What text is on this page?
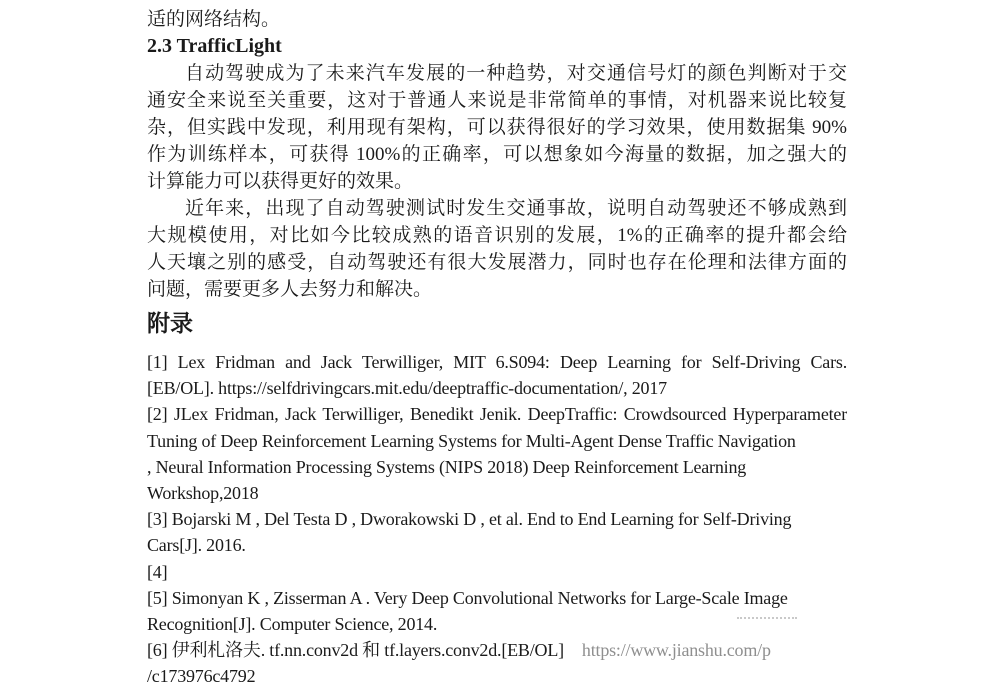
适的网络结构。
2.3 TrafficLight
自动驾驶成为了未来汽车发展的一种趋势，对交通信号灯的颜色判断对于交
通安全来说至关重要，这对于普通人来说是非常简单的事情，对机器来说比较复
杂，但实践中发现，利用现有架构，可以获得很好的学习效果，使用数据集 90%
作为训练样本，可获得 100%的正确率，可以想象如今海量的数据，加之强大的
计算能力可以获得更好的效果。
近年来，出现了自动驾驶测试时发生交通事故，说明自动驾驶还不够成熟到
大规模使用，对比如今比较成熟的语音识别的发展，1%的正确率的提升都会给
人天壤之别的感受，自动驾驶还有很大发展潜力，同时也存在伦理和法律方面的
问题，需要更多人去努力和解决。
附录
[1] Lex Fridman and Jack Terwilliger, MIT 6.S094: Deep Learning for Self-Driving Cars.
[EB/OL]. https://selfdrivingcars.mit.edu/deeptraffic-documentation/, 2017
[2] JLex Fridman, Jack Terwilliger, Benedikt Jenik. DeepTraffic: Crowdsourced Hyperparameter
Tuning of Deep Reinforcement Learning Systems for Multi-Agent Dense Traffic Navigation
, Neural Information Processing Systems (NIPS 2018) Deep Reinforcement Learning
Workshop,2018
[3] Bojarski M , Del Testa D , Dworakowski D , et al. End to End Learning for Self-Driving
Cars[J]. 2016.
[4]
[5] Simonyan K , Zisserman A . Very Deep Convolutional Networks for Large-Scale Image
Recognition[J]. Computer Science, 2014.
[6] 伊利札洛夫. tf.nn.conv2d 和 tf.layers.conv2d.[EB/OL] https://www.jianshu.com/p
/c173976c4792
